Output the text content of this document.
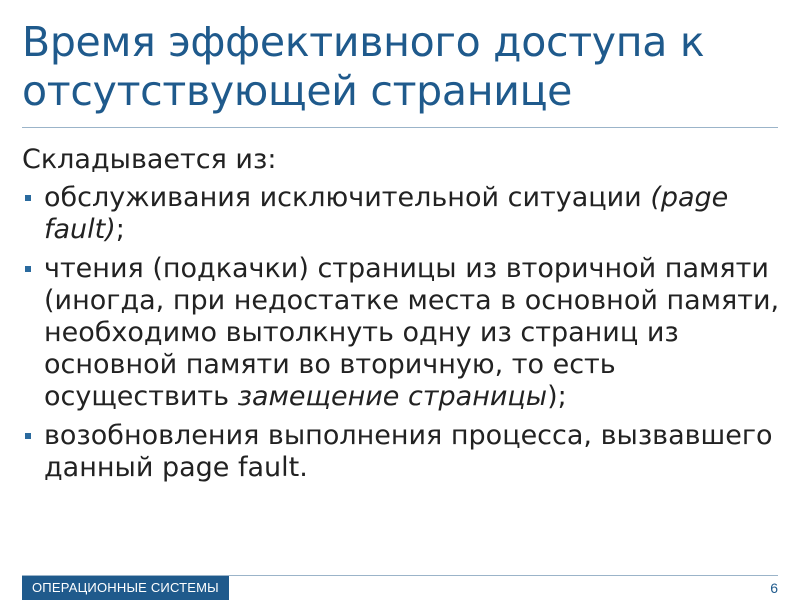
Время эффективного доступа к отсутствующей странице

Складывается из:

обслуживания исключительной ситуации (page fault);
чтения (подкачки) страницы из вторичной памяти (иногда, при недостатке места в основной памяти, необходимо вытолкнуть одну из страниц из основной памяти во вторичную, то есть осуществить замещение страницы);
возобновления выполнения процесса, вызвавшего данный page fault.
ОПЕРАЦИОННЫЕ СИСТЕМЫ	6
